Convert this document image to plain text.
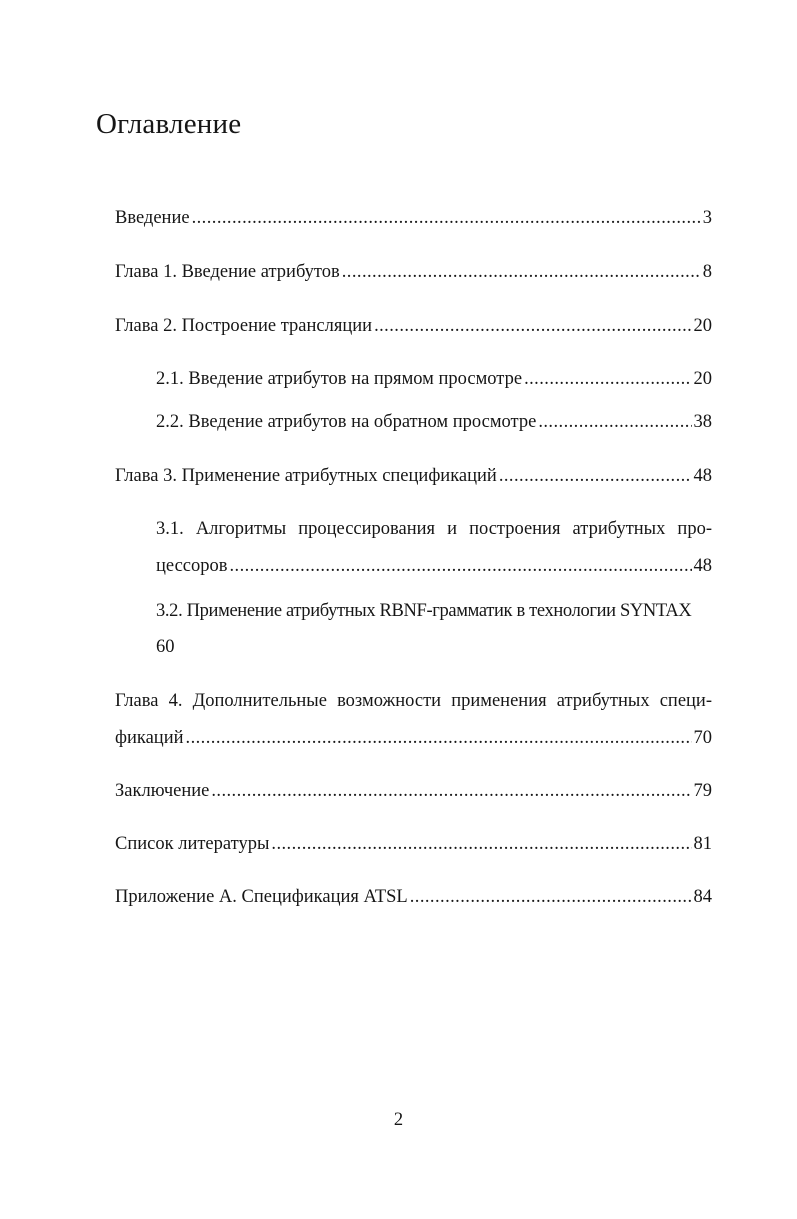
Оглавление
Введение . . .	3
Глава 1. Введение атрибутов . . .	8
Глава 2. Построение трансляции . . .	20
2.1. Введение атрибутов на прямом просмотре . . .	20
2.2. Введение атрибутов на обратном просмотре . . .	38
Глава 3. Применение атрибутных спецификаций . . .	48
3.1. Алгоритмы процессирования и построения атрибутных про-
цессоров . . .	48
3.2. Применение атрибутных RBNF-грамматик в технологии SYNTAX
60
Глава 4. Дополнительные возможности применения атрибутных специ-
фикаций . . .	70
Заключение . . .	79
Список литературы . . .	81
Приложение А. Спецификация ATSL . . .	84
2
